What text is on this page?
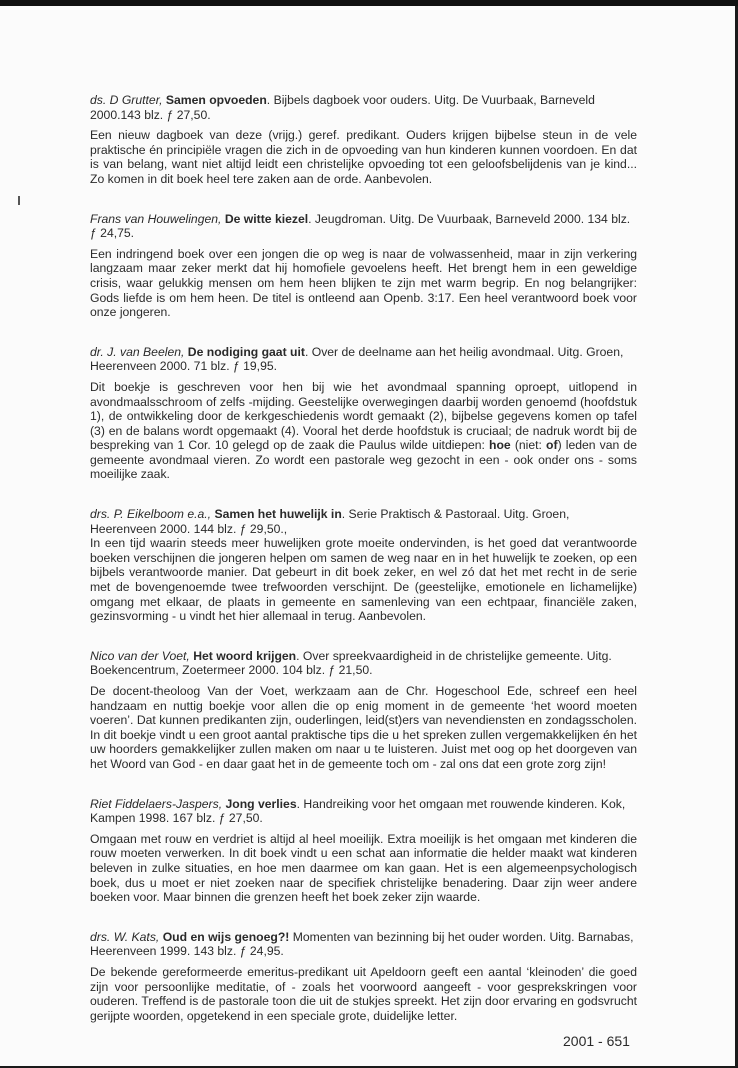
ds. D Grutter, Samen opvoeden. Bijbels dagboek voor ouders. Uitg. De Vuurbaak, Barneveld 2000.143 blz. ƒ 27,50.

Een nieuw dagboek van deze (vrijg.) geref. predikant. Ouders krijgen bijbelse steun in de vele praktische én principiële vragen die zich in de opvoeding van hun kinderen kunnen voordoen. En dat is van belang, want niet altijd leidt een christelijke opvoeding tot een geloofsbelijdenis van je kind... Zo komen in dit boek heel tere zaken aan de orde. Aanbevolen.

Frans van Houwelingen, De witte kiezel. Jeugdroman. Uitg. De Vuurbaak, Barneveld 2000. 134 blz. ƒ 24,75.

Een indringend boek over een jongen die op weg is naar de volwassenheid, maar in zijn verkering langzaam maar zeker merkt dat hij homofiele gevoelens heeft. Het brengt hem in een geweldige crisis, waar gelukkig mensen om hem heen blijken te zijn met warm begrip. En nog belangrijker: Gods liefde is om hem heen. De titel is ontleend aan Openb. 3:17. Een heel verantwoord boek voor onze jongeren.

dr. J. van Beelen, De nodiging gaat uit. Over de deelname aan het heilig avondmaal. Uitg. Groen, Heerenveen 2000. 71 blz. ƒ 19,95.

Dit boekje is geschreven voor hen bij wie het avondmaal spanning oproept, uitlopend in avondmaalsschroom of zelfs -mijding. Geestelijke overwegingen daarbij worden genoemd (hoofdstuk 1), de ontwikkeling door de kerkgeschiedenis wordt gemaakt (2), bijbelse gegevens komen op tafel (3) en de balans wordt opgemaakt (4). Vooral het derde hoofdstuk is cruciaal; de nadruk wordt bij de bespreking van 1 Cor. 10 gelegd op de zaak die Paulus wilde uitdiepen: hoe (niet: of) leden van de gemeente avondmaal vieren. Zo wordt een pastorale weg gezocht in een - ook onder ons - soms moeilijke zaak.

drs. P. Eikelboom e.a., Samen het huwelijk in. Serie Praktisch & Pastoraal. Uitg. Groen, Heerenveen 2000. 144 blz. ƒ 29,50.,

In een tijd waarin steeds meer huwelijken grote moeite ondervinden, is het goed dat verantwoorde boeken verschijnen die jongeren helpen om samen de weg naar en in het huwelijk te zoeken, op een bijbels verantwoorde manier. Dat gebeurt in dit boek zeker, en wel zó dat het met recht in de serie met de bovengenoemde twee trefwoorden verschijnt. De (geestelijke, emotionele en lichamelijke) omgang met elkaar, de plaats in gemeente en samenleving van een echtpaar, financiële zaken, gezinsvorming - u vindt het hier allemaal in terug. Aanbevolen.

Nico van der Voet, Het woord krijgen. Over spreekvaardigheid in de christelijke gemeente. Uitg. Boekencentrum, Zoetermeer 2000. 104 blz. ƒ 21,50.

De docent-theoloog Van der Voet, werkzaam aan de Chr. Hogeschool Ede, schreef een heel handzaam en nuttig boekje voor allen die op enig moment in de gemeente ‘het woord moeten voeren’. Dat kunnen predikanten zijn, ouderlingen, leid(st)ers van nevendiensten en zondagsscholen. In dit boekje vindt u een groot aantal praktische tips die u het spreken zullen vergemakkelijken én het uw hoorders gemakkelijker zullen maken om naar u te luisteren. Juist met oog op het doorgeven van het Woord van God - en daar gaat het in de gemeente toch om - zal ons dat een grote zorg zijn!

Riet Fiddelaers-Jaspers, Jong verlies. Handreiking voor het omgaan met rouwende kinderen. Kok, Kampen 1998. 167 blz. ƒ 27,50.

Omgaan met rouw en verdriet is altijd al heel moeilijk. Extra moeilijk is het omgaan met kinderen die rouw moeten verwerken. In dit boek vindt u een schat aan informatie die helder maakt wat kinderen beleven in zulke situaties, en hoe men daarmee om kan gaan. Het is een algemeenpsychologisch boek, dus u moet er niet zoeken naar de specifiek christelijke benadering. Daar zijn weer andere boeken voor. Maar binnen die grenzen heeft het boek zeker zijn waarde.

drs. W. Kats, Oud en wijs genoeg?! Momenten van bezinning bij het ouder worden. Uitg. Barnabas, Heerenveen 1999. 143 blz. ƒ 24,95.

De bekende gereformeerde emeritus-predikant uit Apeldoorn geeft een aantal ‘kleinoden’ die goed zijn voor persoonlijke meditatie, of - zoals het voorwoord aangeeft - voor gesprekskringen voor ouderen. Treffend is de pastorale toon die uit de stukjes spreekt. Het zijn door ervaring en godsvrucht gerijpte woorden, opgetekend in een speciale grote, duidelijke letter.

2001 - 651
